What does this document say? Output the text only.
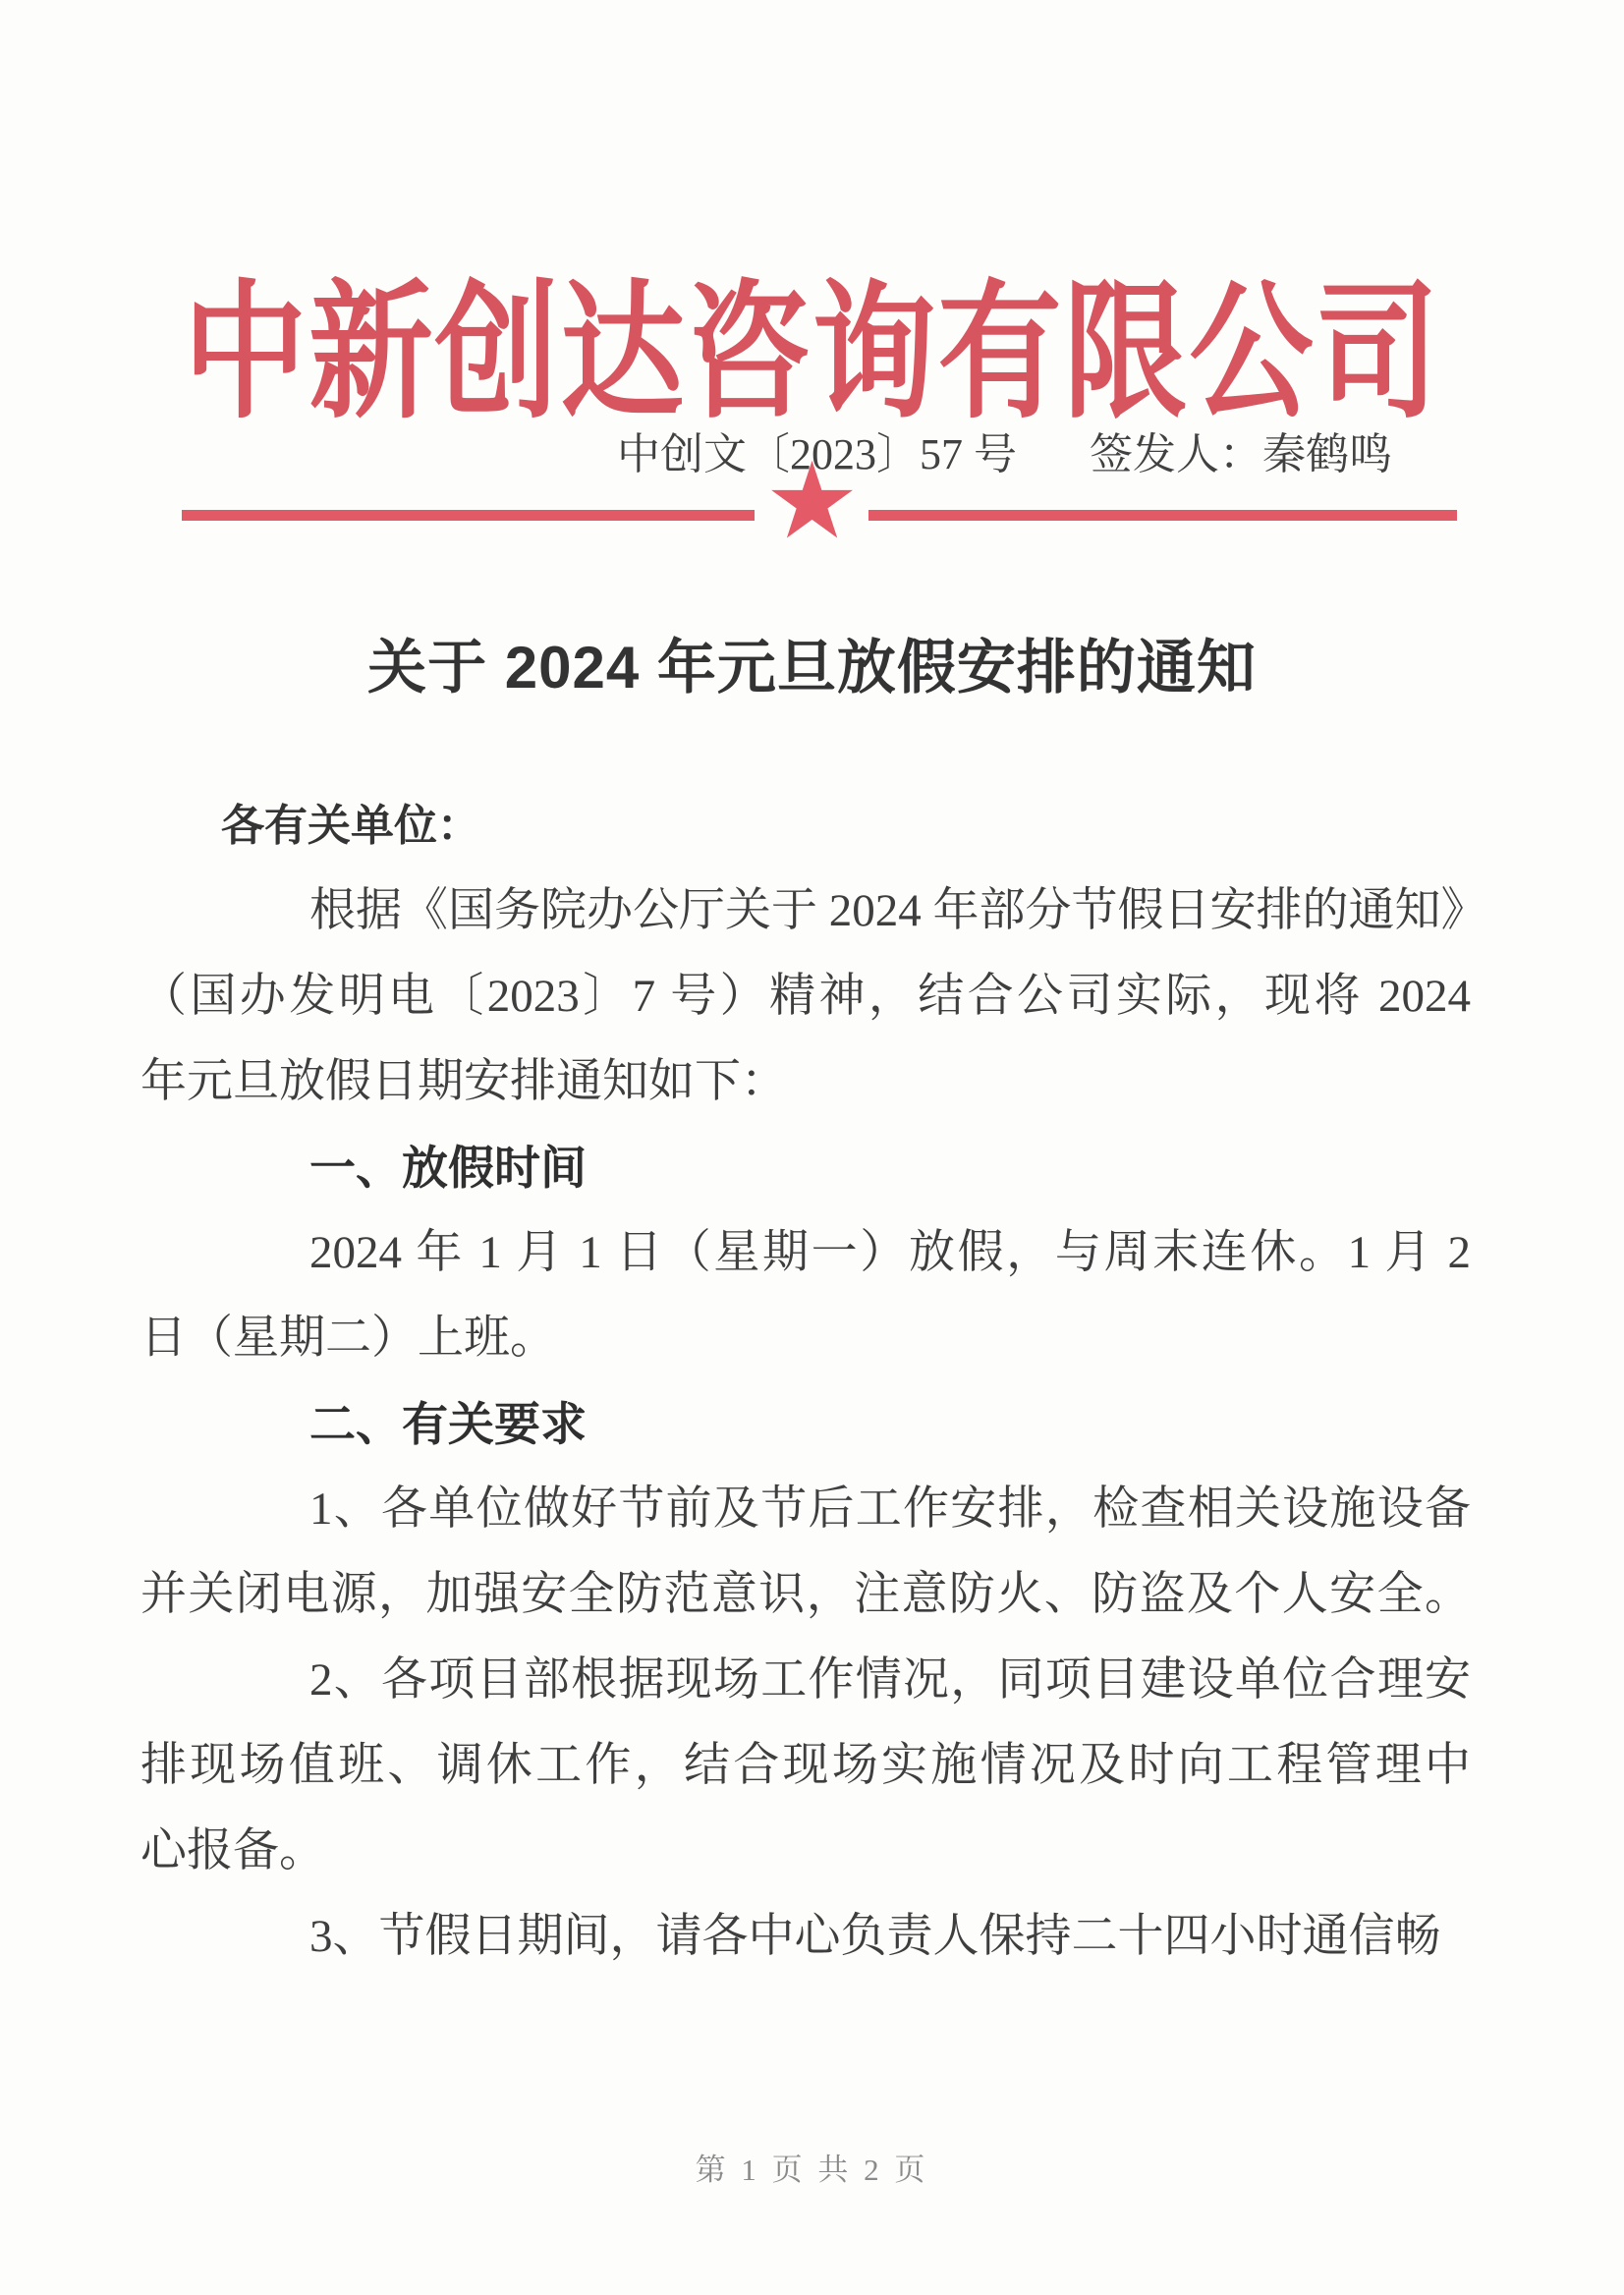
中新创达咨询有限公司
中创文〔2023〕57 号 签发人：秦鹤鸣
★
关于 2024 年元旦放假安排的通知
各有关单位：
根据《国务院办公厅关于 2024 年部分节假日安排的通知》
（国办发明电〔2023〕7 号）精神，结合公司实际，现将 2024
年元旦放假日期安排通知如下：
一、放假时间
2024 年 1 月 1 日（星期一）放假，与周末连休。1 月 2
日（星期二）上班。
二、有关要求
1、各单位做好节前及节后工作安排，检查相关设施设备
并关闭电源，加强安全防范意识，注意防火、防盗及个人安全。
2、各项目部根据现场工作情况，同项目建设单位合理安
排现场值班、调休工作，结合现场实施情况及时向工程管理中
心报备。
3、节假日期间，请各中心负责人保持二十四小时通信畅
第 1 页 共 2 页
